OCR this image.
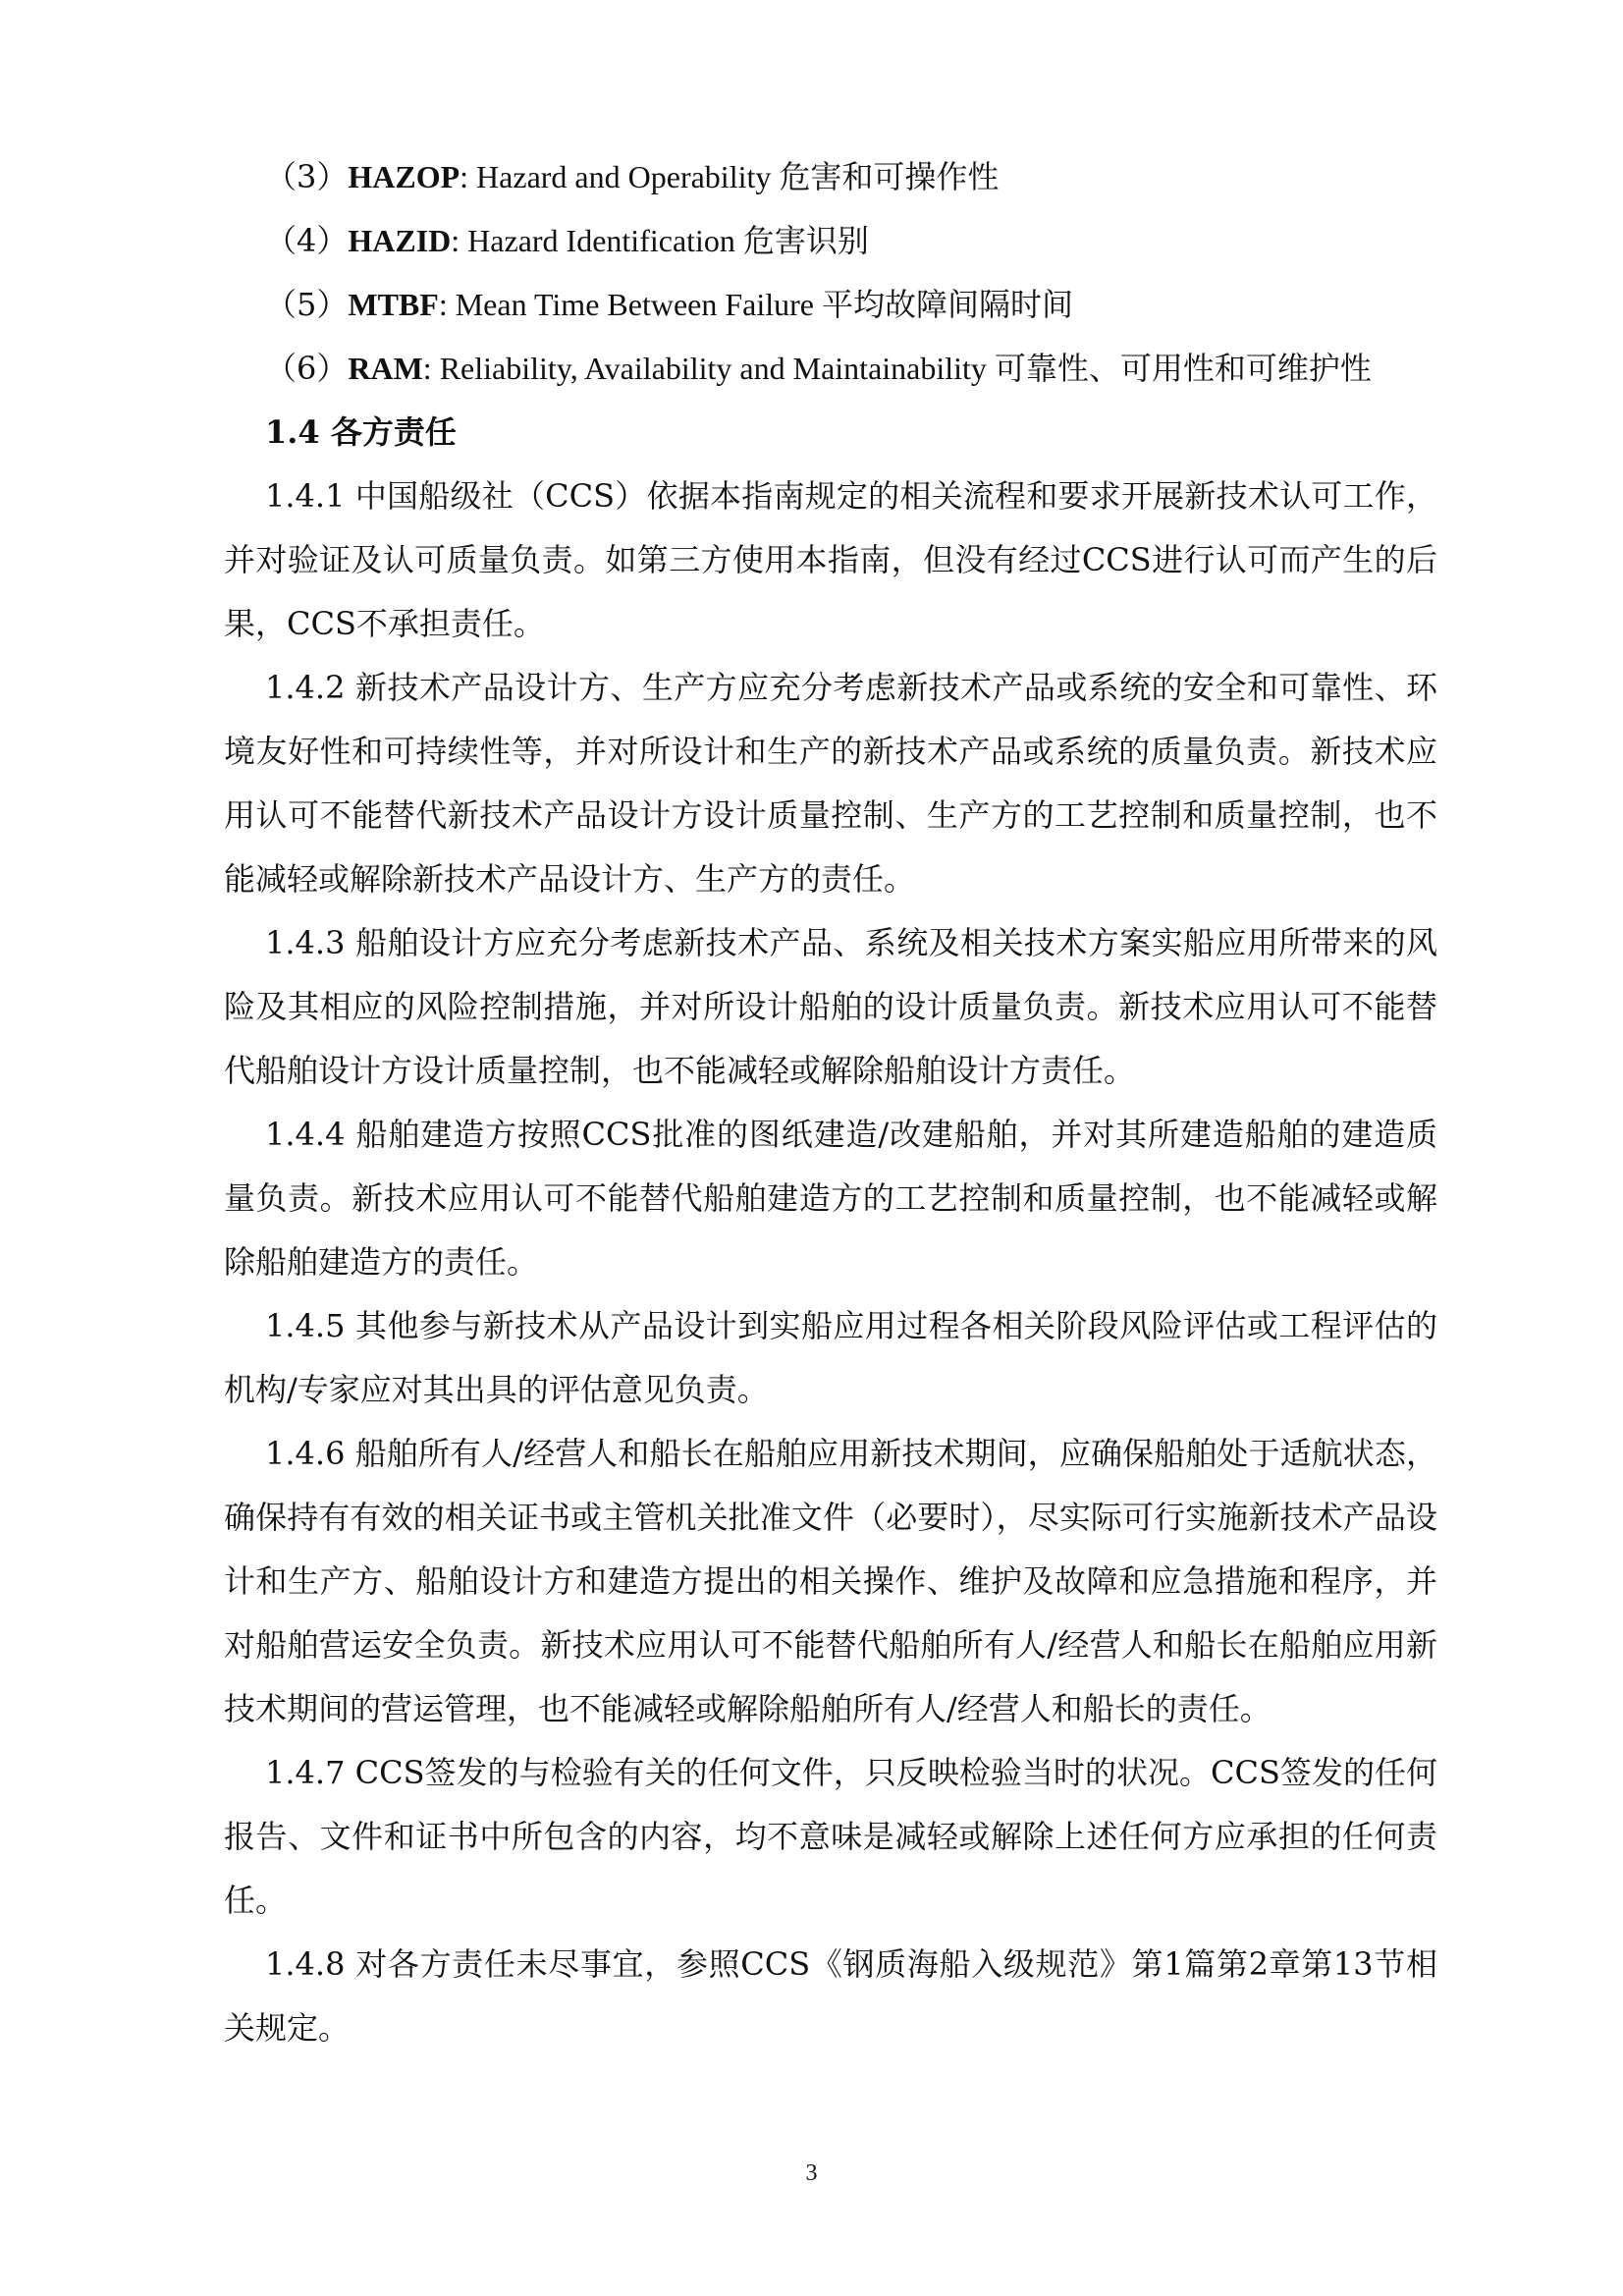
（3）HAZOP: Hazard and Operability 危害和可操作性

（4）HAZID: Hazard Identification 危害识别

（5）MTBF: Mean Time Between Failure 平均故障间隔时间

（6）RAM: Reliability, Availability and Maintainability 可靠性、可用性和可维护性

1.4 各方责任

1.4.1 中国船级社（CCS）依据本指南规定的相关流程和要求开展新技术认可工作，并对验证及认可质量负责。如第三方使用本指南，但没有经过CCS进行认可而产生的后果，CCS不承担责任。

1.4.2 新技术产品设计方、生产方应充分考虑新技术产品或系统的安全和可靠性、环境友好性和可持续性等，并对所设计和生产的新技术产品或系统的质量负责。新技术应用认可不能替代新技术产品设计方设计质量控制、生产方的工艺控制和质量控制，也不能减轻或解除新技术产品设计方、生产方的责任。

1.4.3 船舶设计方应充分考虑新技术产品、系统及相关技术方案实船应用所带来的风险及其相应的风险控制措施，并对所设计船舶的设计质量负责。新技术应用认可不能替代船舶设计方设计质量控制，也不能减轻或解除船舶设计方责任。

1.4.4 船舶建造方按照CCS批准的图纸建造/改建船舶，并对其所建造船舶的建造质量负责。新技术应用认可不能替代船舶建造方的工艺控制和质量控制，也不能减轻或解除船舶建造方的责任。

1.4.5 其他参与新技术从产品设计到实船应用过程各相关阶段风险评估或工程评估的机构/专家应对其出具的评估意见负责。

1.4.6 船舶所有人/经营人和船长在船舶应用新技术期间，应确保船舶处于适航状态，确保持有有效的相关证书或主管机关批准文件（必要时），尽实际可行实施新技术产品设计和生产方、船舶设计方和建造方提出的相关操作、维护及故障和应急措施和程序，并对船舶营运安全负责。新技术应用认可不能替代船舶所有人/经营人和船长在船舶应用新技术期间的营运管理，也不能减轻或解除船舶所有人/经营人和船长的责任。

1.4.7 CCS签发的与检验有关的任何文件，只反映检验当时的状况。CCS签发的任何报告、文件和证书中所包含的内容，均不意味是减轻或解除上述任何方应承担的任何责任。

1.4.8 对各方责任未尽事宜，参照CCS《钢质海船入级规范》第1篇第2章第13节相关规定。

3
